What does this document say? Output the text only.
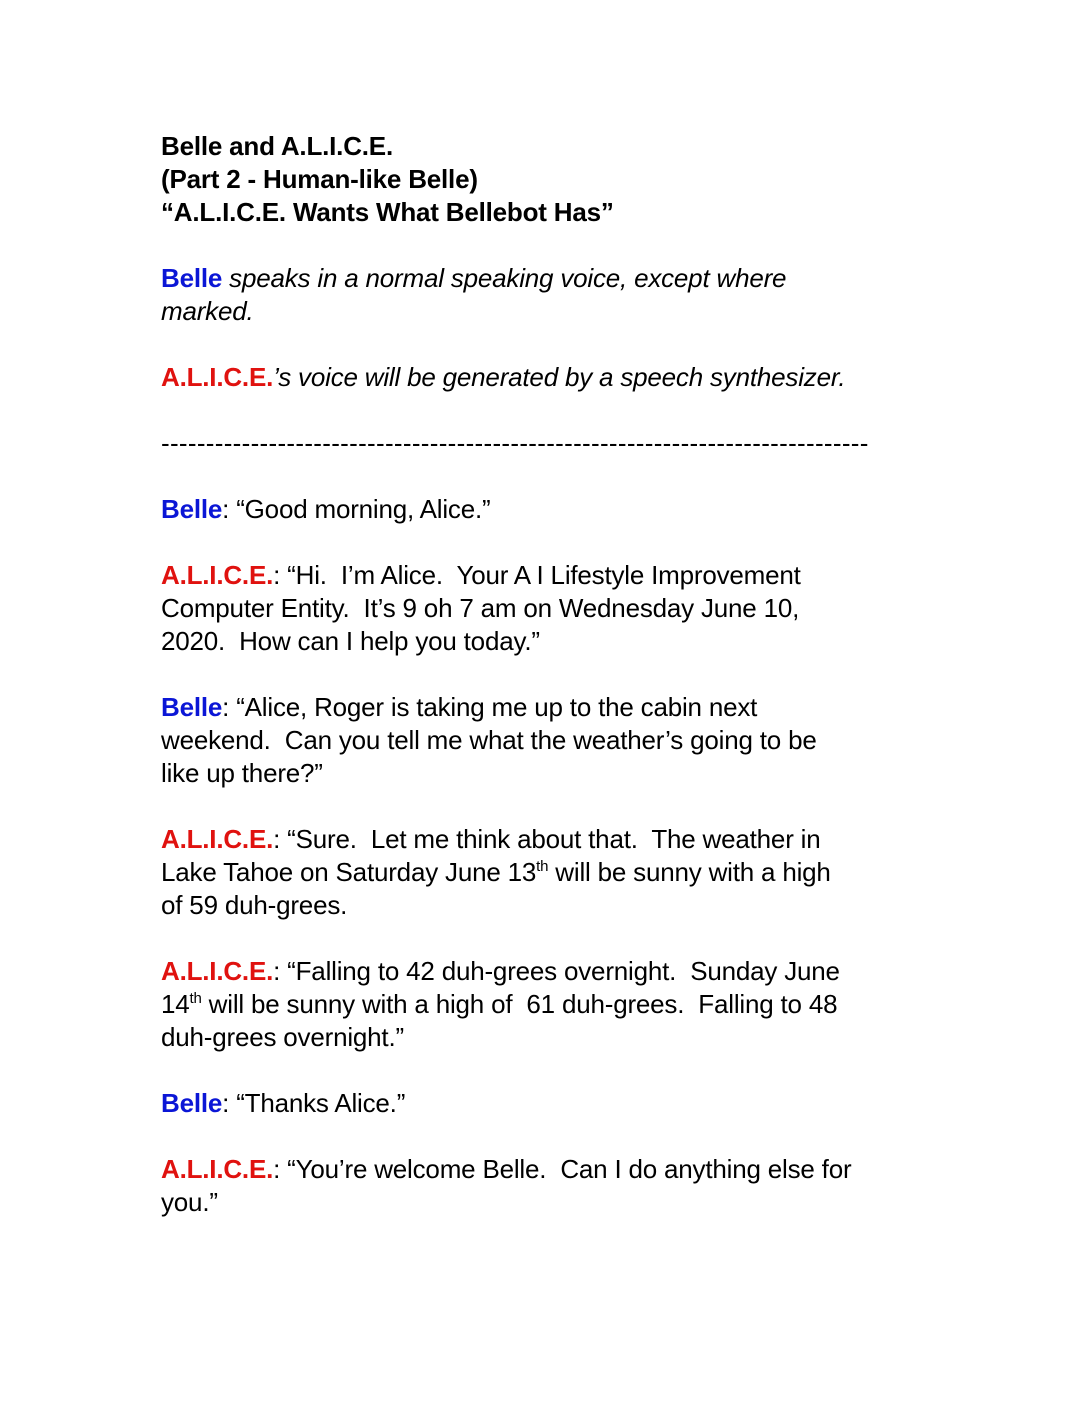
Belle and A.L.I.C.E.
(Part 2 - Human-like Belle)
“A.L.I.C.E. Wants What Bellebot Has”
Belle speaks in a normal speaking voice, except where
marked.
A.L.I.C.E.’s voice will be generated by a speech synthesizer.
-------------------------------------------------------------------------------
Belle: “Good morning, Alice.”
A.L.I.C.E.: “Hi.  I’m Alice.  Your A I Lifestyle Improvement
Computer Entity.  It’s 9 oh 7 am on Wednesday June 10,
2020.  How can I help you today.”
Belle: “Alice, Roger is taking me up to the cabin next
weekend.  Can you tell me what the weather’s going to be
like up there?”
A.L.I.C.E.: “Sure.  Let me think about that.  The weather in
Lake Tahoe on Saturday June 13th will be sunny with a high
of 59 duh-grees.
A.L.I.C.E.: “Falling to 42 duh-grees overnight.  Sunday June
14th will be sunny with a high of  61 duh-grees.  Falling to 48
duh-grees overnight.”
Belle: “Thanks Alice.”
A.L.I.C.E.: “You’re welcome Belle.  Can I do anything else for
you.”
